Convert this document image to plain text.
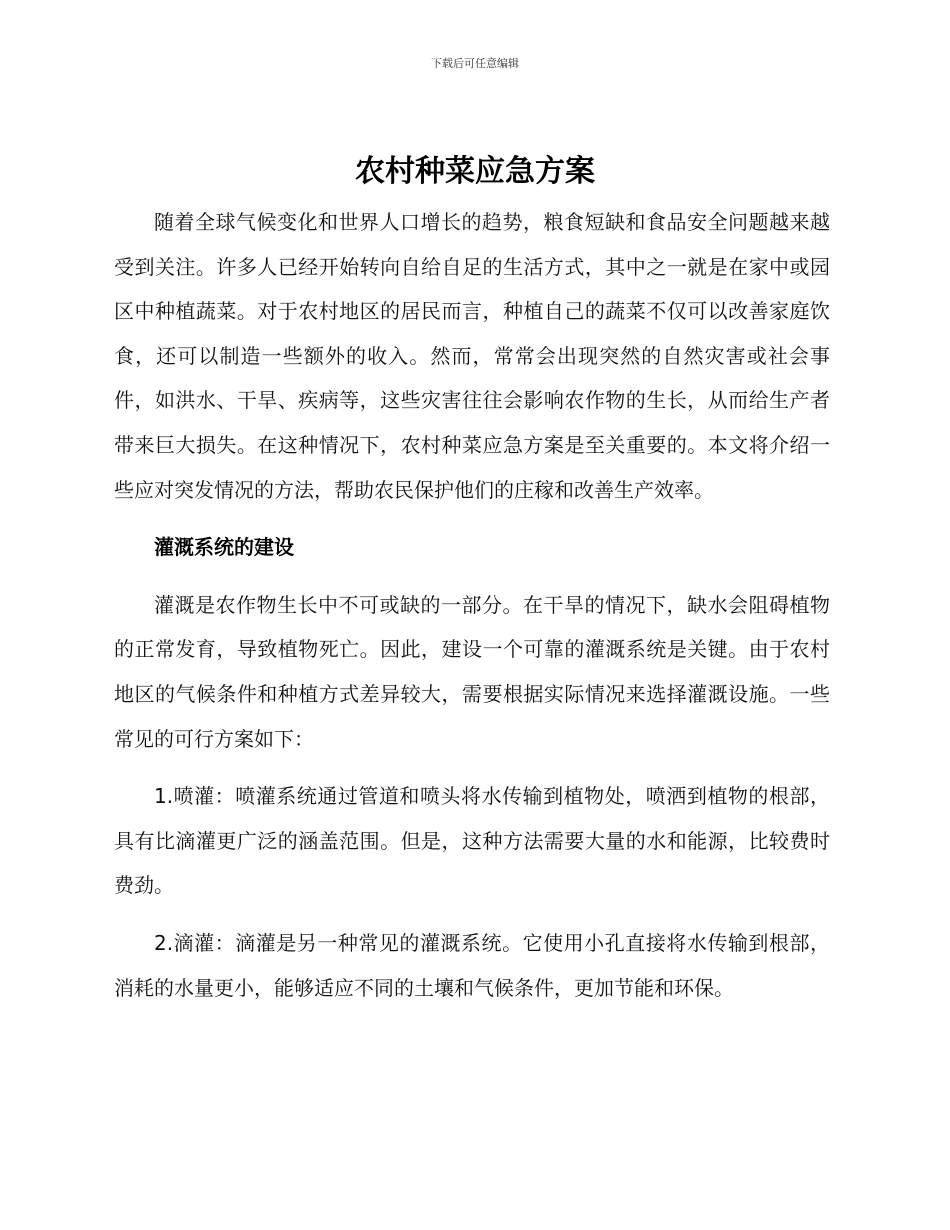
下载后可任意编辑
农村种菜应急方案

随着全球气候变化和世界人口增长的趋势，粮食短缺和食品安全问题越来越受到关注。许多人已经开始转向自给自足的生活方式，其中之一就是在家中或园区中种植蔬菜。对于农村地区的居民而言，种植自己的蔬菜不仅可以改善家庭饮食，还可以制造一些额外的收入。然而，常常会出现突然的自然灾害或社会事件，如洪水、干旱、疾病等，这些灾害往往会影响农作物的生长，从而给生产者带来巨大损失。在这种情况下，农村种菜应急方案是至关重要的。本文将介绍一些应对突发情况的方法，帮助农民保护他们的庄稼和改善生产效率。

灌溉系统的建设

灌溉是农作物生长中不可或缺的一部分。在干旱的情况下，缺水会阻碍植物的正常发育，导致植物死亡。因此，建设一个可靠的灌溉系统是关键。由于农村地区的气候条件和种植方式差异较大，需要根据实际情况来选择灌溉设施。一些常见的可行方案如下：

1.喷灌：喷灌系统通过管道和喷头将水传输到植物处，喷洒到植物的根部，具有比滴灌更广泛的涵盖范围。但是，这种方法需要大量的水和能源，比较费时费劲。

2.滴灌：滴灌是另一种常见的灌溉系统。它使用小孔直接将水传输到根部，消耗的水量更小，能够适应不同的土壤和气候条件，更加节能和环保。
